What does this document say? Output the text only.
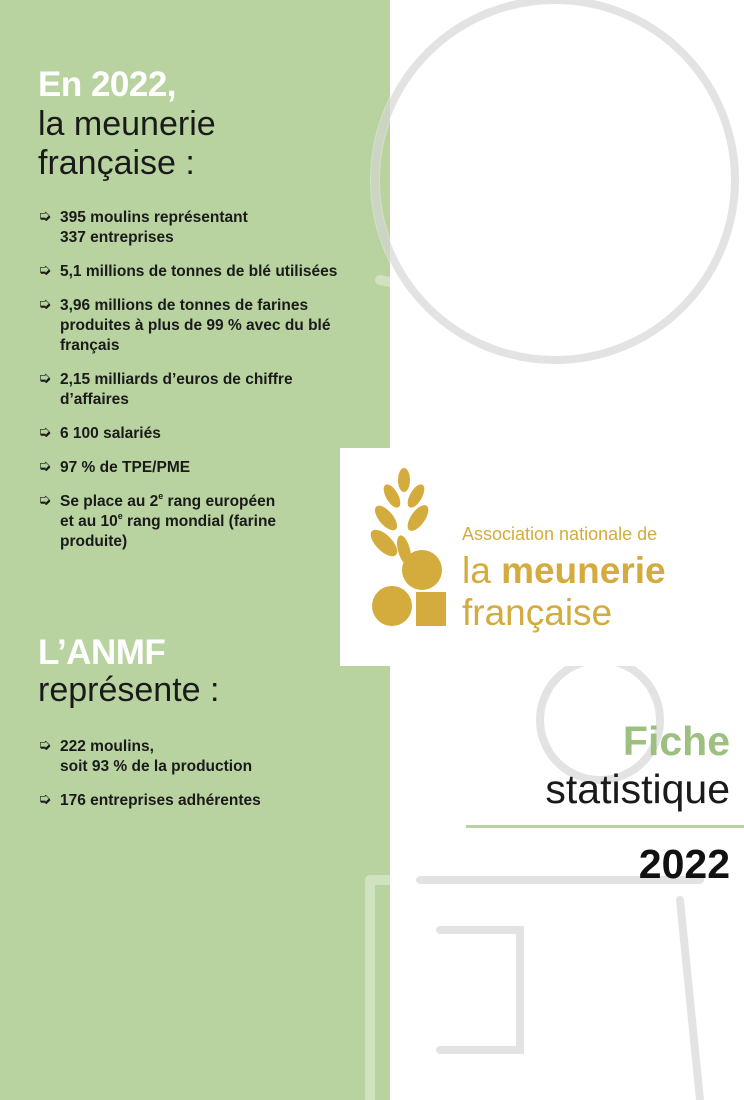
En 2022,
la meunerie
française :
➭ 395 moulins représentant
337 entreprises
➭ 5,1 millions de tonnes de blé utilisées
➭ 3,96 millions de tonnes de farines
produites à plus de 99 % avec du blé
français
➭ 2,15 milliards d’euros de chiffre
d’affaires
➭ 6 100 salariés
➭ 97 % de TPE/PME
➭ Se place au 2e rang européen
et au 10e rang mondial (farine
produite)
L’ANMF
représente :
➭ 222 moulins,
soit 93 % de la production
➭ 176 entreprises adhérentes
Association nationale de
la meunerie
française
Fiche
statistique
2022
